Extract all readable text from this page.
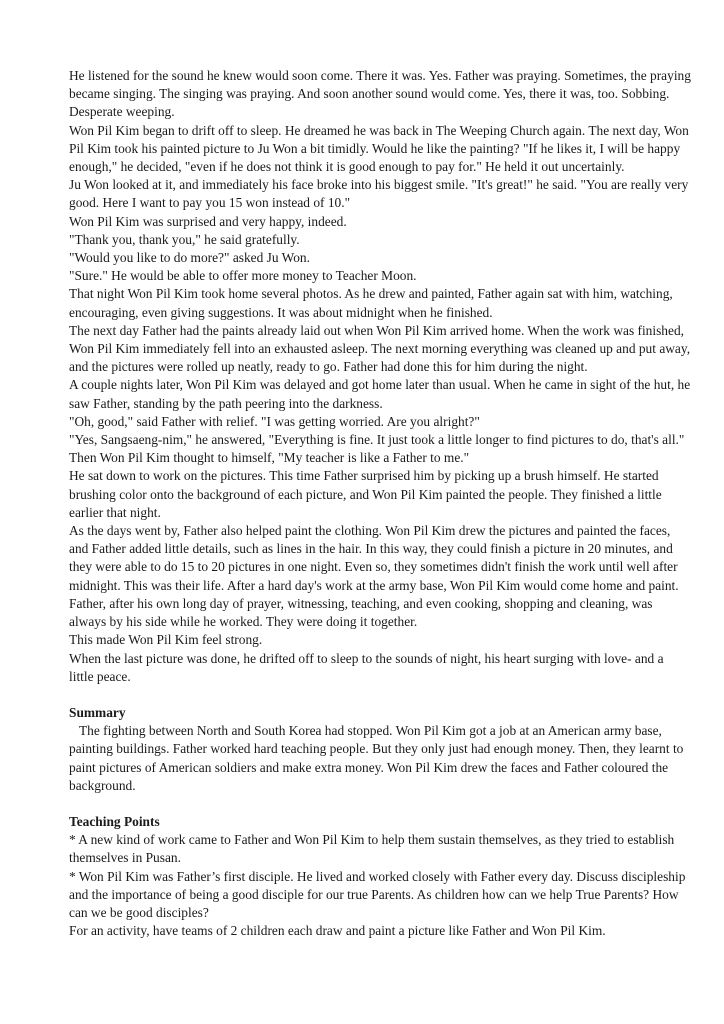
He listened for the sound he knew would soon come. There it was. Yes. Father was praying. Sometimes, the praying became singing. The singing was praying. And soon another sound would come. Yes, there it was, too. Sobbing. Desperate weeping.

Won Pil Kim began to drift off to sleep. He dreamed he was back in The Weeping Church again. The next day, Won Pil Kim took his painted picture to Ju Won a bit timidly. Would he like the painting? "If he likes it, I will be happy enough," he decided, "even if he does not think it is good enough to pay for." He held it out uncertainly.

Ju Won looked at it, and immediately his face broke into his biggest smile. "It's great!" he said. "You are really very good. Here I want to pay you 15 won instead of 10."

Won Pil Kim was surprised and very happy, indeed.

"Thank you, thank you," he said gratefully.

"Would you like to do more?" asked Ju Won.

"Sure." He would be able to offer more money to Teacher Moon.

That night Won Pil Kim took home several photos. As he drew and painted, Father again sat with him, watching, encouraging, even giving suggestions. It was about midnight when he finished.

The next day Father had the paints already laid out when Won Pil Kim arrived home. When the work was finished, Won Pil Kim immediately fell into an exhausted asleep. The next morning everything was cleaned up and put away, and the pictures were rolled up neatly, ready to go. Father had done this for him during the night.

A couple nights later, Won Pil Kim was delayed and got home later than usual. When he came in sight of the hut, he saw Father, standing by the path peering into the darkness.

"Oh, good," said Father with relief. "I was getting worried. Are you alright?"

"Yes, Sangsaeng-nim," he answered, "Everything is fine. It just took a little longer to find pictures to do, that's all." Then Won Pil Kim thought to himself, "My teacher is like a Father to me."

He sat down to work on the pictures. This time Father surprised him by picking up a brush himself. He started brushing color onto the background of each picture, and Won Pil Kim painted the people. They finished a little earlier that night.

As the days went by, Father also helped paint the clothing. Won Pil Kim drew the pictures and painted the faces, and Father added little details, such as lines in the hair. In this way, they could finish a picture in 20 minutes, and they were able to do 15 to 20 pictures in one night. Even so, they sometimes didn't finish the work until well after midnight. This was their life. After a hard day's work at the army base, Won Pil Kim would come home and paint. Father, after his own long day of prayer, witnessing, teaching, and even cooking, shopping and cleaning, was always by his side while he worked. They were doing it together.

This made Won Pil Kim feel strong.

When the last picture was done, he drifted off to sleep to the sounds of night, his heart surging with love- and a little peace.

Summary

The fighting between North and South Korea had stopped. Won Pil Kim got a job at an American army base, painting buildings. Father worked hard teaching people. But they only just had enough money. Then, they learnt to paint pictures of American soldiers and make extra money. Won Pil Kim drew the faces and Father coloured the background.

Teaching Points

* A new kind of work came to Father and Won Pil Kim to help them sustain themselves, as they tried to establish themselves in Pusan.

* Won Pil Kim was Father’s first disciple. He lived and worked closely with Father every day. Discuss discipleship and the importance of being a good disciple for our true Parents. As children how can we help True Parents? How can we be good disciples?

For an activity, have teams of 2 children each draw and paint a picture like Father and Won Pil Kim.
